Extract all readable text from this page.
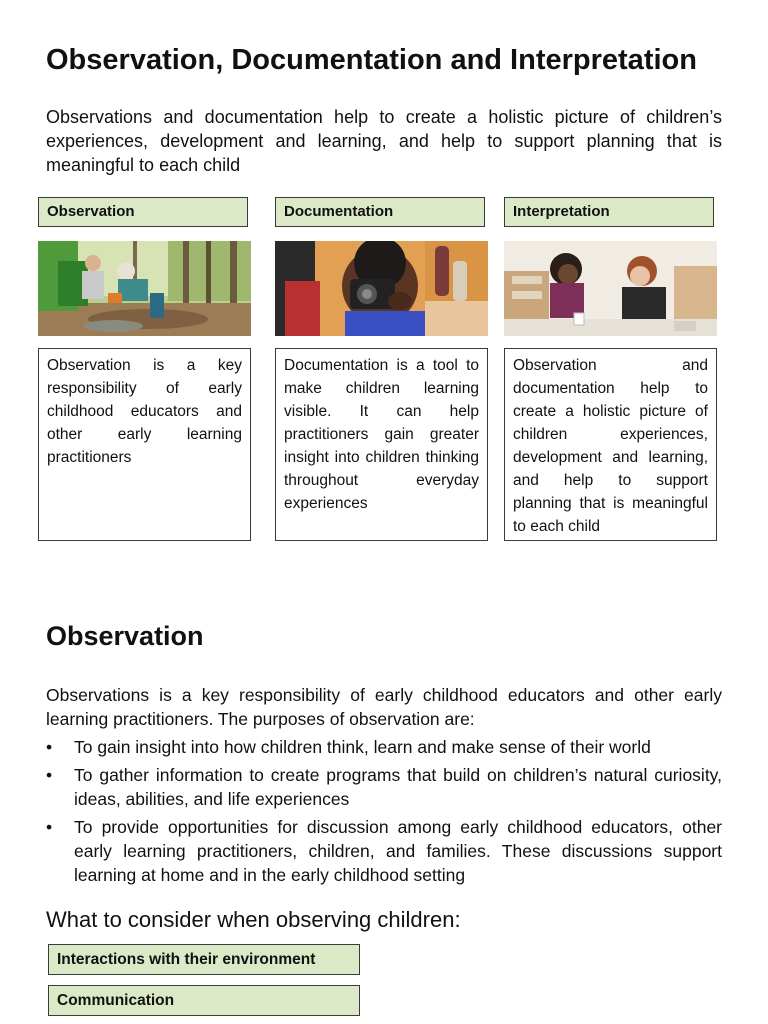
Observation, Documentation and Interpretation

Observations and documentation help to create a holistic picture of children’s experiences, development and learning, and help to support planning that is meaningful to each child

Observation	Documentation	Interpretation
Observation is a key responsibility of early childhood educators and other early learning practitioners
Documentation is a tool to make children learning visible. It can help practitioners gain greater insight into children thinking throughout everyday experiences
Observation and documentation help to create a holistic picture of children experiences, development and learning, and help to support planning that is meaningful to each child
Observation

Observations is a key responsibility of early childhood educators and other early learning practitioners. The purposes of observation are:

• To gain insight into how children think, learn and make sense of their world
• To gather information to create programs that build on children’s natural curiosity, ideas, abilities, and life experiences
• To provide opportunities for discussion among early childhood educators, other early learning practitioners, children, and families. These discussions support learning at home and in the early childhood setting
What to consider when observing children:
Interactions with their environment
Communication
